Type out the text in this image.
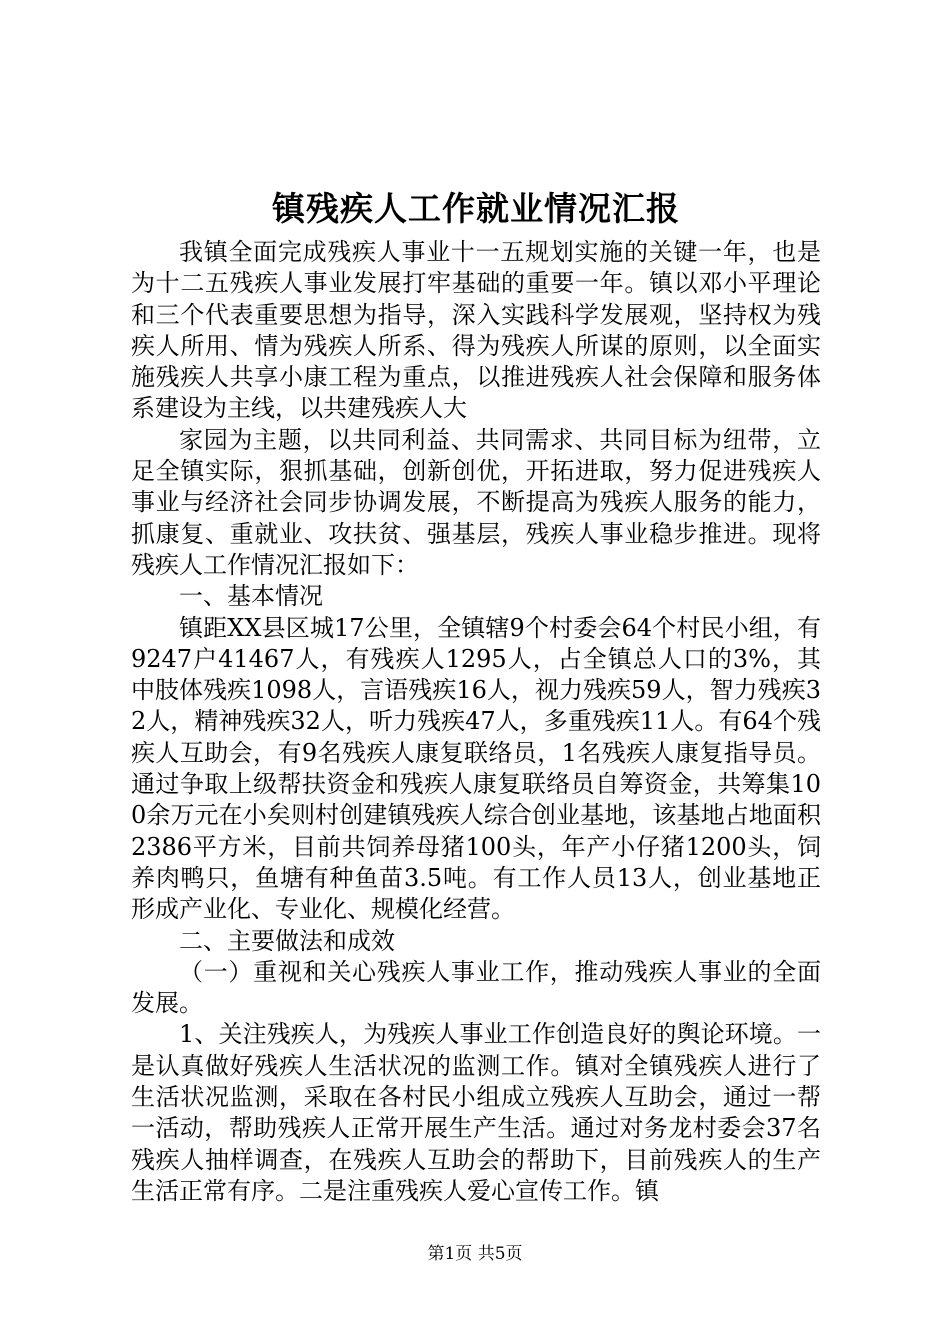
镇残疾人工作就业情况汇报

我镇全面完成残疾人事业十一五规划实施的关键一年，也是为十二五残疾人事业发展打牢基础的重要一年。镇以邓小平理论和三个代表重要思想为指导，深入实践科学发展观，坚持权为残疾人所用、情为残疾人所系、得为残疾人所谋的原则，以全面实施残疾人共享小康工程为重点，以推进残疾人社会保障和服务体系建设为主线，以共建残疾人大

家园为主题，以共同利益、共同需求、共同目标为纽带，立足全镇实际，狠抓基础，创新创优，开拓进取，努力促进残疾人事业与经济社会同步协调发展，不断提高为残疾人服务的能力，抓康复、重就业、攻扶贫、强基层，残疾人事业稳步推进。现将残疾人工作情况汇报如下：

一、基本情况

镇距XX县区城17公里，全镇辖9个村委会64个村民小组，有9247户41467人，有残疾人1295人，占全镇总人口的3%，其中肢体残疾1098人，言语残疾16人，视力残疾59人，智力残疾32人，精神残疾32人，听力残疾47人，多重残疾11人。有64个残疾人互助会，有9名残疾人康复联络员，1名残疾人康复指导员。通过争取上级帮扶资金和残疾人康复联络员自筹资金，共筹集100余万元在小矣则村创建镇残疾人综合创业基地，该基地占地面积2386平方米，目前共饲养母猪100头，年产小仔猪1200头，饲养肉鸭只，鱼塘有种鱼苗3.5吨。有工作人员13人，创业基地正形成产业化、专业化、规模化经营。

二、主要做法和成效

（一）重视和关心残疾人事业工作，推动残疾人事业的全面发展。

1、关注残疾人，为残疾人事业工作创造良好的舆论环境。一是认真做好残疾人生活状况的监测工作。镇对全镇残疾人进行了生活状况监测，采取在各村民小组成立残疾人互助会，通过一帮一活动，帮助残疾人正常开展生产生活。通过对务龙村委会37名残疾人抽样调查，在残疾人互助会的帮助下，目前残疾人的生产生活正常有序。二是注重残疾人爱心宣传工作。镇

第1页 共5页
